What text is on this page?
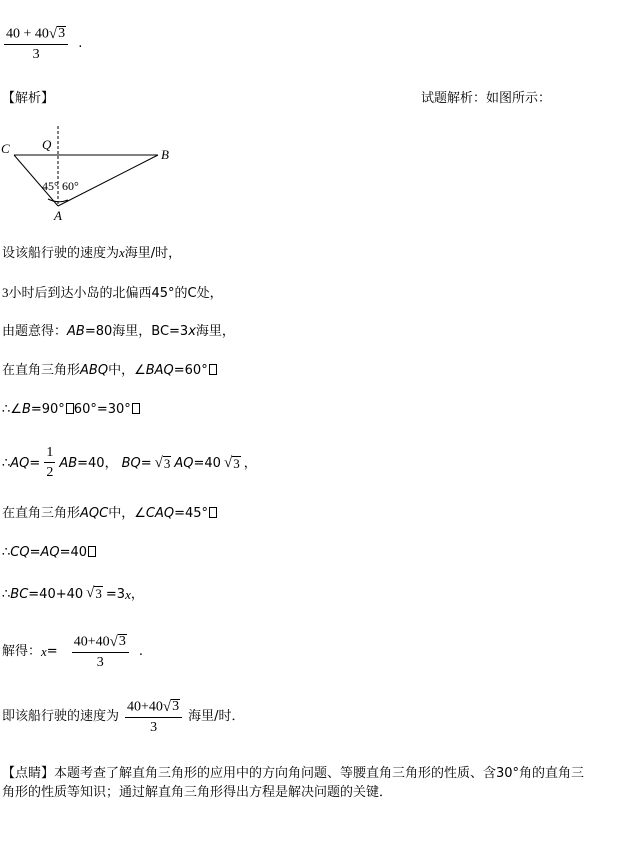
$\frac{40 + 40 √ 3}{3}$ .
【解析】	试题解析：如图所示：
C Q
B
A
45° 60°
设该船行驶的速度为x海里/时，
3小时后到达小岛的北偏西45°的C处，
由题意得：AB=80海里，BC=3x海里，
在直角三角形ABQ中，∠BAQ=60°
∴∠B=90° 60°=30°
∴ AQ = $\frac{1}{2}$ AB =40， BQ = √ 3 AQ =40 √ 3 ，
在直角三角形AQC中，∠CAQ=45°
∴CQ=AQ=40
∴ BC =40+40 √ 3 =3 x ，
解得： $x = \frac{40+40 √ 3}{3}$ .
即该船行驶的速度为 $\frac{40+40 √ 3}{3}$ 海里/时．
【点睛】本题考查了解直角三角形的应用中的方向角问题、等腰直角三角形的性质、含30°角的直角三
角形的性质等知识；通过解直角三角形得出方程是解决问题的关键．
